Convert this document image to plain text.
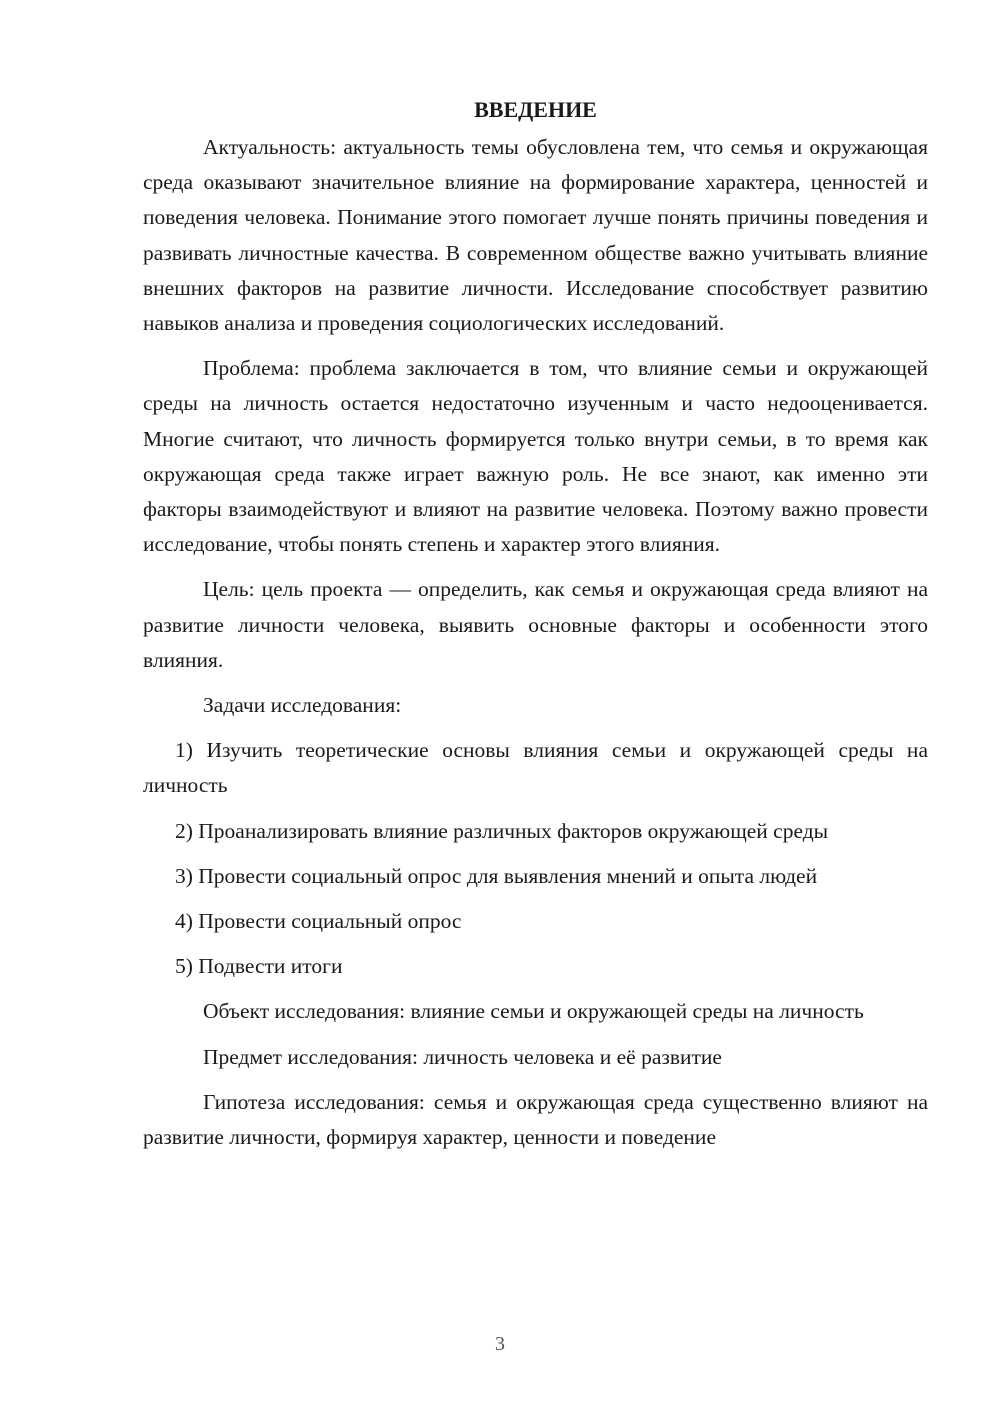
ВВЕДЕНИЕ

Актуальность: актуальность темы обусловлена тем, что семья и окружающая среда оказывают значительное влияние на формирование характера, ценностей и поведения человека. Понимание этого помогает лучше понять причины поведения и развивать личностные качества. В современном обществе важно учитывать влияние внешних факторов на развитие личности. Исследование способствует развитию навыков анализа и проведения социологических исследований.

Проблема: проблема заключается в том, что влияние семьи и окружающей среды на личность остается недостаточно изученным и часто недооценивается. Многие считают, что личность формируется только внутри семьи, в то время как окружающая среда также играет важную роль. Не все знают, как именно эти факторы взаимодействуют и влияют на развитие человека. Поэтому важно провести исследование, чтобы понять степень и характер этого влияния.

Цель: цель проекта — определить, как семья и окружающая среда влияют на развитие личности человека, выявить основные факторы и особенности этого влияния.

Задачи исследования:

1) Изучить теоретические основы влияния семьи и окружающей среды на личность

2) Проанализировать влияние различных факторов окружающей среды

3) Провести социальный опрос для выявления мнений и опыта людей

4) Провести социальный опрос

5) Подвести итоги

Объект исследования: влияние семьи и окружающей среды на личность

Предмет исследования: личность человека и её развитие

Гипотеза исследования: семья и окружающая среда существенно влияют на развитие личности, формируя характер, ценности и поведение

3
